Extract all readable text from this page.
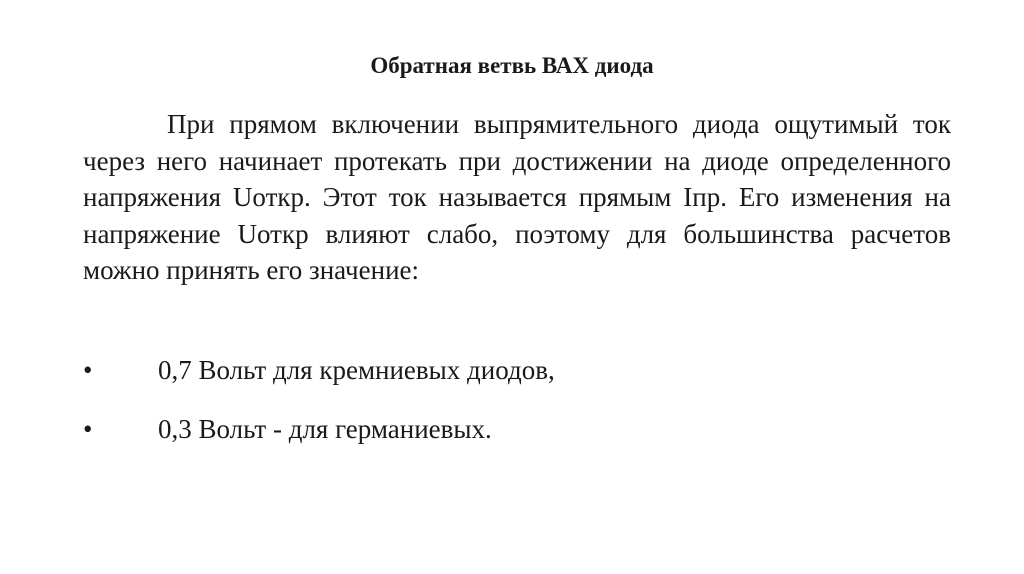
Обратная ветвь ВАХ диода
При прямом включении выпрямительного диода ощутимый ток через него начинает протекать при достижении на диоде определенного напряжения Uоткр. Этот ток называется прямым Iпр. Его изменения на напряжение Uоткр влияют слабо, поэтому для большинства расчетов можно принять его значение:
•	0,7 Вольт для кремниевых диодов,
•	0,3 Вольт - для германиевых.
